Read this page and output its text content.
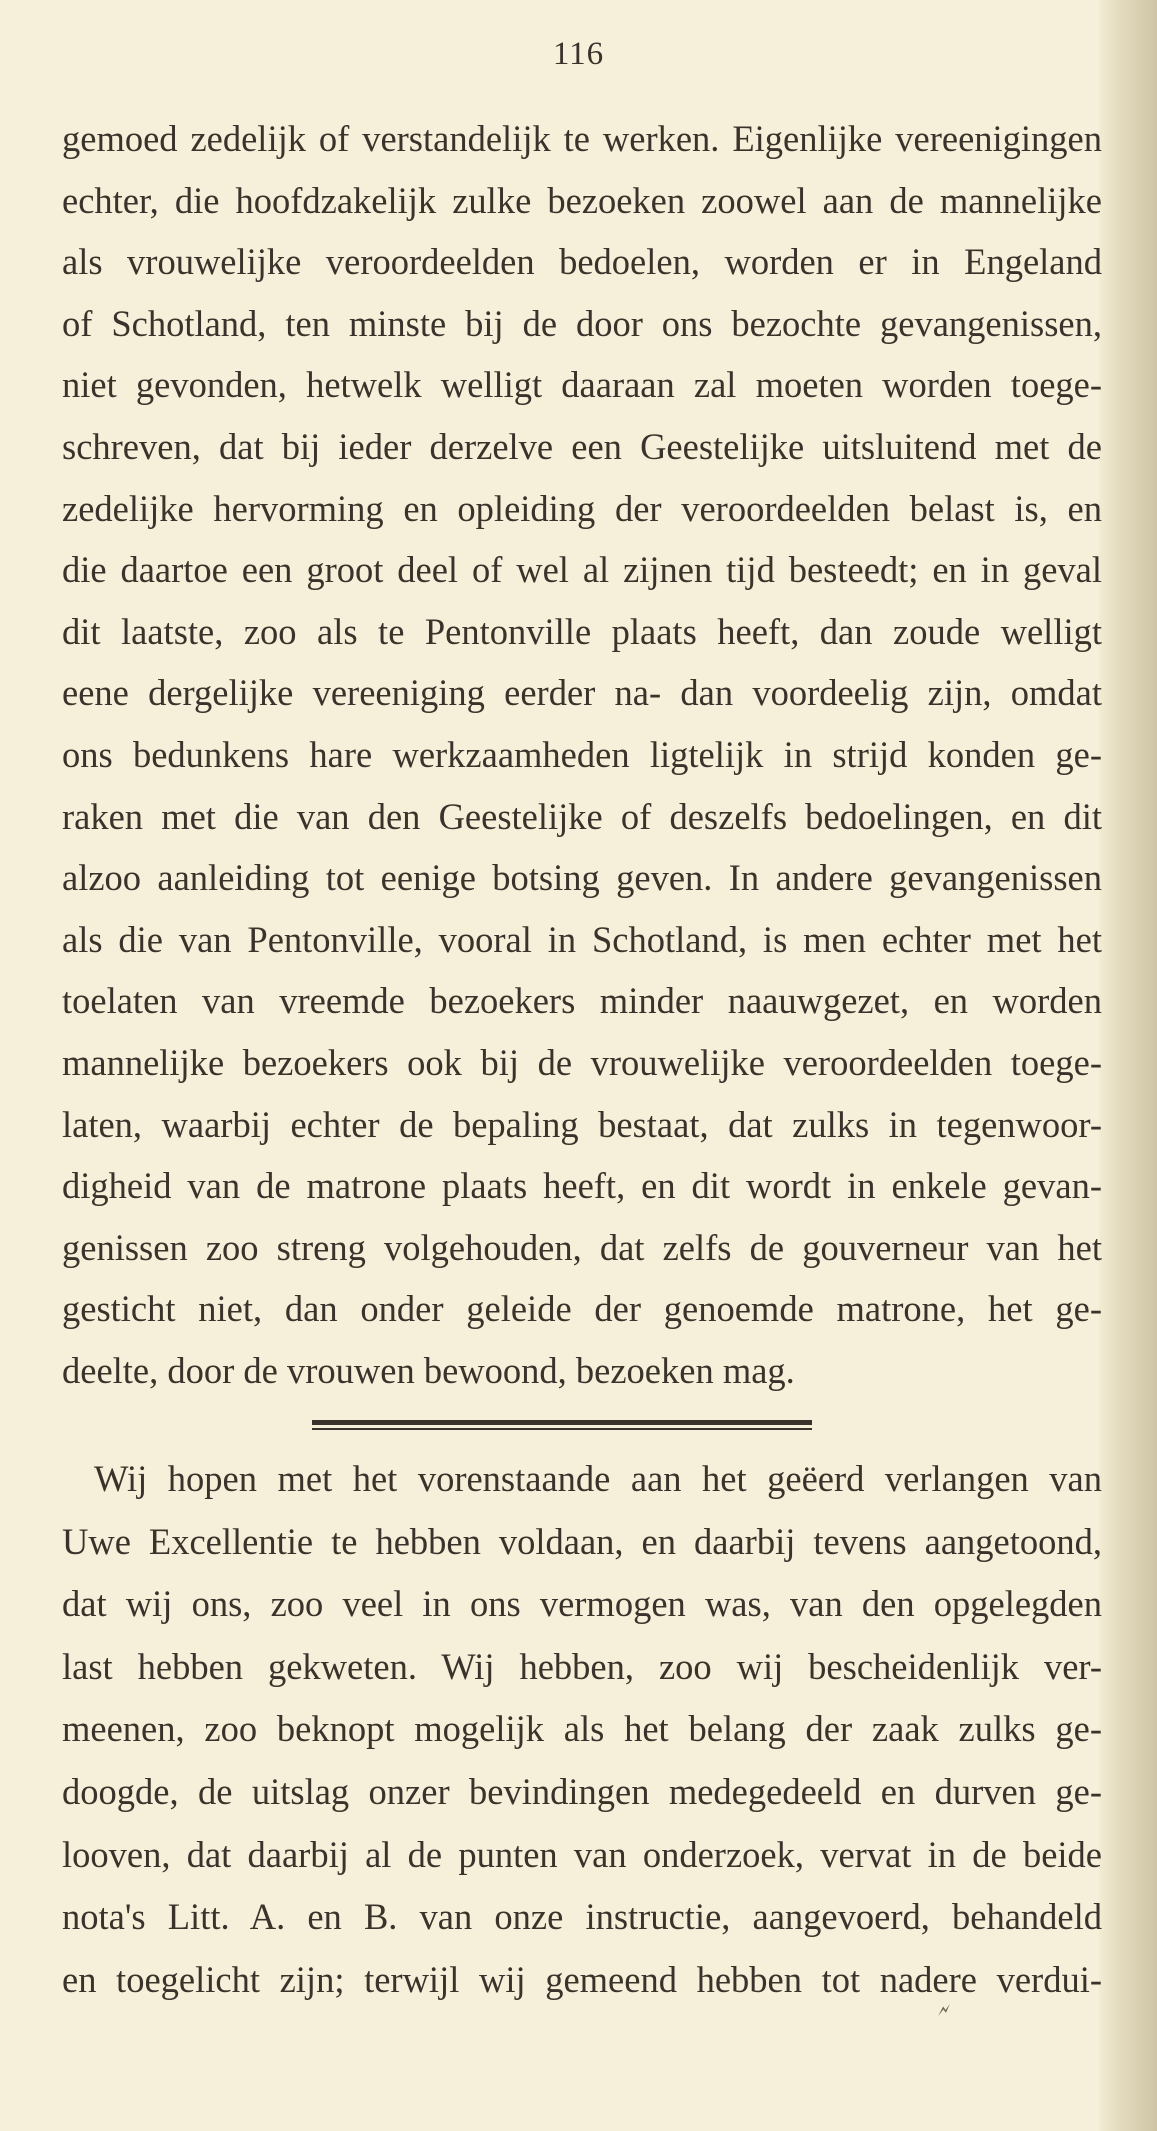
116
gemoed zedelijk of verstandelijk te werken. Eigenlijke vereenigingen
echter, die hoofdzakelijk zulke bezoeken zoowel aan de mannelijke
als vrouwelijke veroordeelden bedoelen, worden er in Engeland
of Schotland, ten minste bij de door ons bezochte gevangenissen,
niet gevonden, hetwelk welligt daaraan zal moeten worden toege-
schreven, dat bij ieder derzelve een Geestelijke uitsluitend met de
zedelijke hervorming en opleiding der veroordeelden belast is, en
die daartoe een groot deel of wel al zijnen tijd besteedt; en in geval
dit laatste, zoo als te Pentonville plaats heeft, dan zoude welligt
eene dergelijke vereeniging eerder na- dan voordeelig zijn, omdat
ons bedunkens hare werkzaamheden ligtelijk in strijd konden ge-
raken met die van den Geestelijke of deszelfs bedoelingen, en dit
alzoo aanleiding tot eenige botsing geven. In andere gevangenissen
als die van Pentonville, vooral in Schotland, is men echter met het
toelaten van vreemde bezoekers minder naauwgezet, en worden
mannelijke bezoekers ook bij de vrouwelijke veroordeelden toege-
laten, waarbij echter de bepaling bestaat, dat zulks in tegenwoor-
digheid van de matrone plaats heeft, en dit wordt in enkele gevan-
genissen zoo streng volgehouden, dat zelfs de gouverneur van het
gesticht niet, dan onder geleide der genoemde matrone, het ge-
deelte, door de vrouwen bewoond, bezoeken mag.
Wij hopen met het vorenstaande aan het geëerd verlangen van
Uwe Excellentie te hebben voldaan, en daarbij tevens aangetoond,
dat wij ons, zoo veel in ons vermogen was, van den opgelegden
last hebben gekweten. Wij hebben, zoo wij bescheidenlijk ver-
meenen, zoo beknopt mogelijk als het belang der zaak zulks ge-
doogde, de uitslag onzer bevindingen medegedeeld en durven ge-
looven, dat daarbij al de punten van onderzoek, vervat in de beide
nota's Litt. A. en B. van onze instructie, aangevoerd, behandeld
en toegelicht zijn; terwijl wij gemeend hebben tot nadere verdui-
🗲
